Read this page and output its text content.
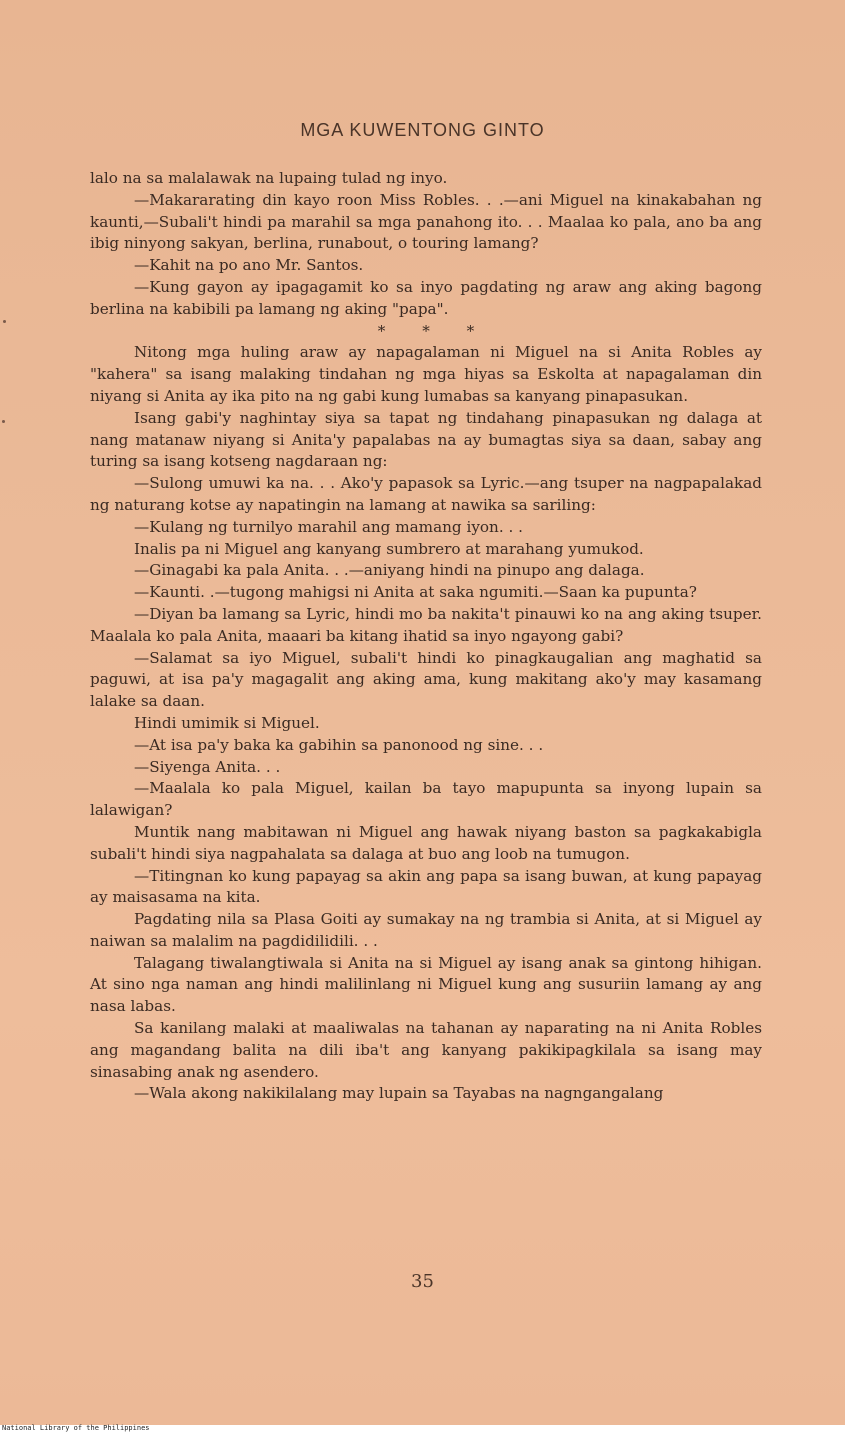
MGA KUWENTONG GINTO

lalo na sa malalawak na lupaing tulad ng inyo.

—Makararating din kayo roon Miss Robles. . .—ani Miguel na kinakabahan ng kaunti,—Subali't hindi pa marahil sa mga panahong ito. . . Maalaa ko pala, ano ba ang ibig ninyong sakyan, berlina, runabout, o touring lamang?

—Kahit na po ano Mr. Santos.

—Kung gayon ay ipagagamit ko sa inyo pagdating ng araw ang aking bagong berlina na kabibili pa lamang ng aking "papa".

* * *

Nitong mga huling araw ay napagalaman ni Miguel na si Anita Robles ay "kahera" sa isang malaking tindahan ng mga hiyas sa Eskolta at napagalaman din niyang si Anita ay ika pito na ng gabi kung lumabas sa kanyang pinapasukan.

Isang gabi'y naghintay siya sa tapat ng tindahang pinapasukan ng dalaga at nang matanaw niyang si Anita'y papalabas na ay bumagtas siya sa daan, sabay ang turing sa isang kotseng nagdaraan ng:

—Sulong umuwi ka na. . . Ako'y papasok sa Lyric.—ang tsuper na nagpapalakad ng naturang kotse ay napatingin na lamang at nawika sa sariling:

—Kulang ng turnilyo marahil ang mamang iyon. . .

Inalis pa ni Miguel ang kanyang sumbrero at marahang yumukod.

—Ginagabi ka pala Anita. . .—aniyang hindi na pinupo ang dalaga.

—Kaunti. .—tugong mahigsi ni Anita at saka ngumiti.—Saan ka pupunta?

—Diyan ba lamang sa Lyric, hindi mo ba nakita't pinauwi ko na ang aking tsuper. Maalala ko pala Anita, maaari ba kitang ihatid sa inyo ngayong gabi?

—Salamat sa iyo Miguel, subali't hindi ko pinagkaugalian ang maghatid sa paguwi, at isa pa'y magagalit ang aking ama, kung makitang ako'y may kasamang lalake sa daan.

Hindi umimik si Miguel.

—At isa pa'y baka ka gabihin sa panonood ng sine. . .

—Siyenga Anita. . .

—Maalala ko pala Miguel, kailan ba tayo mapupunta sa inyong lupain sa lalawigan?

Muntik nang mabitawan ni Miguel ang hawak niyang baston sa pagkakabigla subali't hindi siya nagpahalata sa dalaga at buo ang loob na tumugon.

—Titingnan ko kung papayag sa akin ang papa sa isang buwan, at kung papayag ay maisasama na kita.

Pagdating nila sa Plasa Goiti ay sumakay na ng trambia si Anita, at si Miguel ay naiwan sa malalim na pagdidilidili. . .

Talagang tiwalangtiwala si Anita na si Miguel ay isang anak sa gintong hihigan. At sino nga naman ang hindi malilinlang ni Miguel kung ang susuriin lamang ay ang nasa labas.

Sa kanilang malaki at maaliwalas na tahanan ay naparating na ni Anita Robles ang magandang balita na dili iba't ang kanyang pakikipagkilala sa isang may sinasabing anak ng asendero.

—Wala akong nakikilalang may lupain sa Tayabas na nagngangalang

35
National Library of the Philippines
